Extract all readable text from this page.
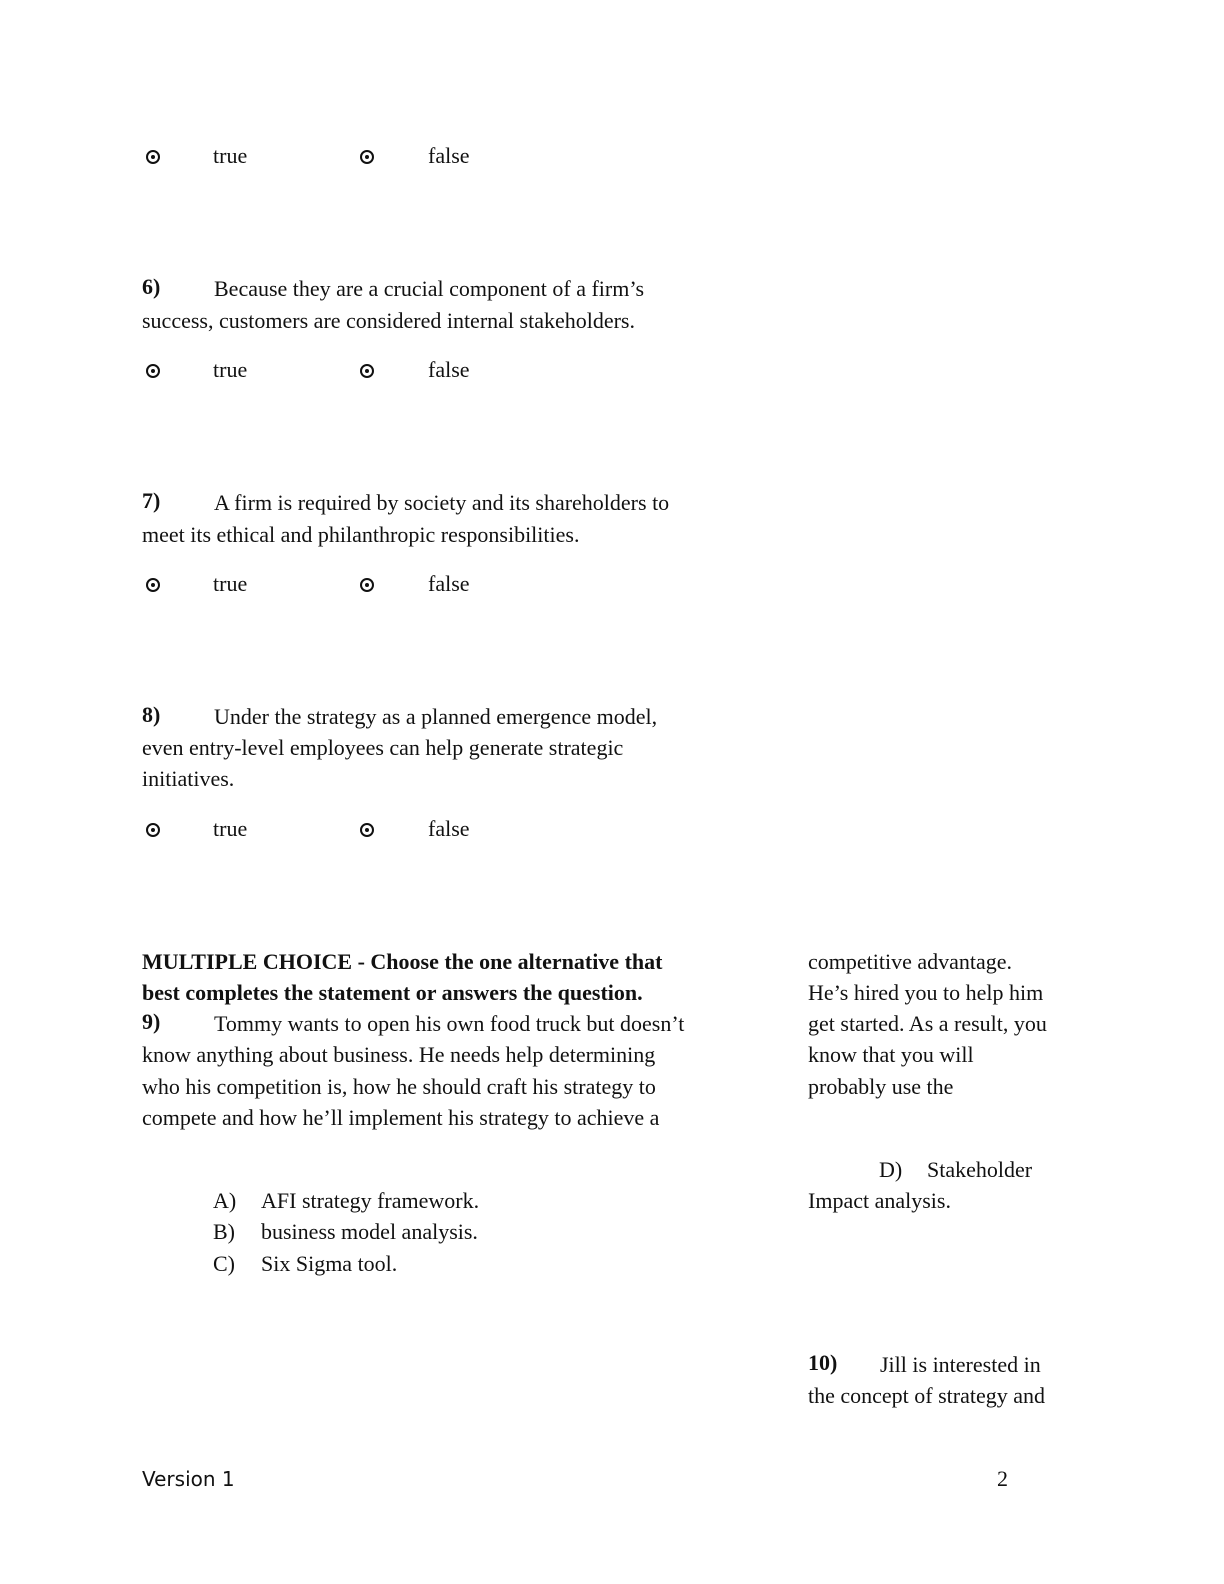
true	false
6) Because they are a crucial component of a firm’s
success, customers are considered internal stakeholders.
true	false
7) A firm is required by society and its shareholders to
meet its ethical and philanthropic responsibilities.
true	false
8) Under the strategy as a planned emergence model,
even entry-level employees can help generate strategic
initiatives.
true	false
MULTIPLE CHOICE - Choose the one alternative that
best completes the statement or answers the question.
9) Tommy wants to open his own food truck but doesn’t
know anything about business. He needs help determining
who his competition is, how he should craft his strategy to
compete and how he’ll implement his strategy to achieve a
competitive advantage.
He’s hired you to help him
get started. As a result, you
know that you will
probably use the
A) AFI strategy framework.
B) business model analysis.
C) Six Sigma tool.
D) Stakeholder
Impact analysis.
10) Jill is interested in
the concept of strategy and
Version 1	2
